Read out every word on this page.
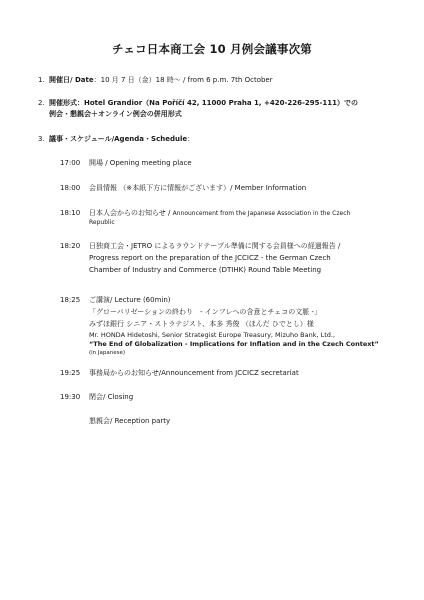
チェコ日本商工会 10 月例会議事次第
1. 開催日/ Date：10 月 7 日（金）18 時～ / from 6 p.m. 7th October
2. 開催形式：Hotel Grandior（Na Poříčí 42, 11000 Praha 1, +420-226-295-111）での
例会・懇親会＋オンライン例会の併用形式
3. 議事・スケジュール/Agenda・Schedule：
17:00	開場 / Opening meeting place
18:00	会員情報 （※本紙下方に情報がございます）/ Member Information
18:10	日本人会からのお知らせ / Announcement from the Japanese Association in the Czech
Republic
18:20	日独商工会・JETRO によるラウンドテーブル準備に関する会員様への経過報告 /
Progress report on the preparation of the JCCICZ - the German Czech
Chamber of Industry and Commerce (DTIHK) Round Table Meeting
18:25	ご講演/ Lecture (60min)
「グローバリゼーションの終わり　- インフレへの含意とチェコの文脈 -」
みずほ銀行 シニア・ストラテジスト、本多 秀俊 （ほんだ ひでとし）様
Mr. HONDA Hidetoshi, Senior Strategist Europe Treasury, Mizuho Bank, Ltd.,
“The End of Globalization - Implications for Inflation and in the Czech Context”
(in Japanese)
19:25	事務局からのお知らせ/Announcement from JCCICZ secretariat
19:30	閉会/ Closing
懇親会/ Reception party
